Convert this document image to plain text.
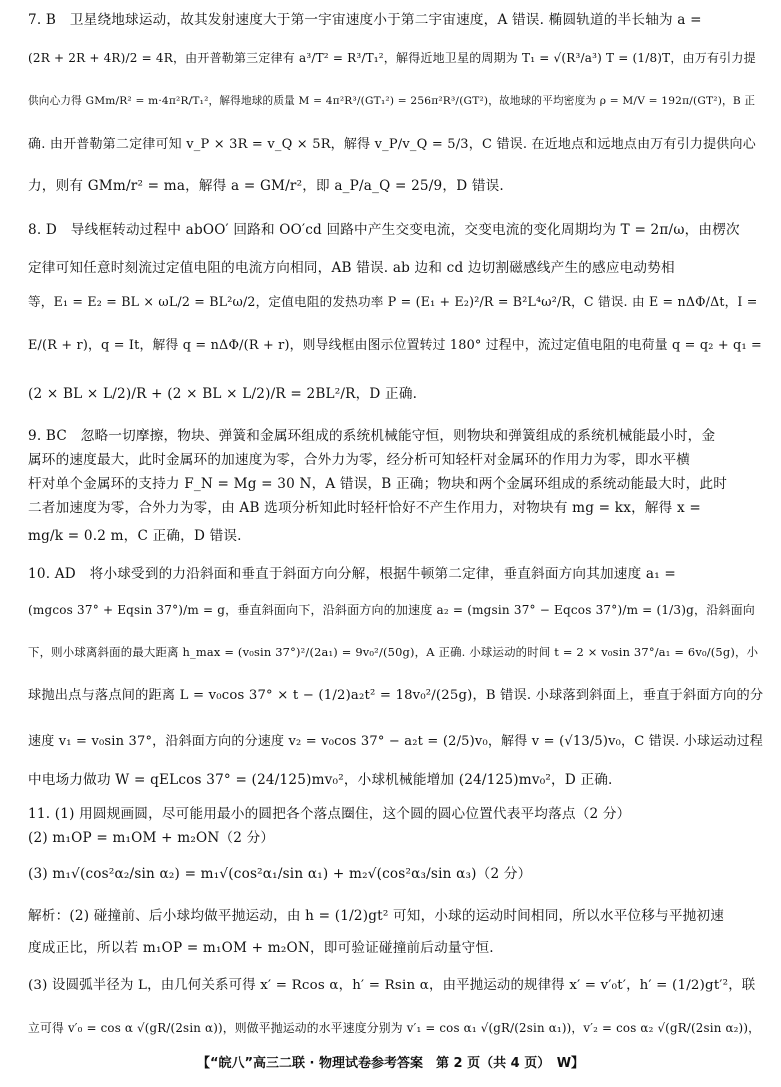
7. B　卫星绕地球运动，故其发射速度大于第一宇宙速度小于第二宇宙速度，A 错误. 椭圆轨道的半长轴为 a =
(2R + 2R + 4R)/2 = 4R，由开普勒第三定律有 a³/T² = R³/T₁²，解得近地卫星的周期为 T₁ = √(R³/a³) T = (1/8)T，由万有引力提
供向心力得 GMm/R² = m·4π²R/T₁²，解得地球的质量 M = 4π²R³/(GT₁²) = 256π²R³/(GT²)，故地球的平均密度为 ρ = M/V = 192π/(GT²)，B 正
确. 由开普勒第二定律可知 v_P × 3R = v_Q × 5R，解得 v_P/v_Q = 5/3，C 错误. 在近地点和远地点由万有引力提供向心
力，则有 GMm/r² = ma，解得 a = GM/r²，即 a_P/a_Q = 25/9，D 错误.
8. D　导线框转动过程中 abOO′ 回路和 OO′cd 回路中产生交变电流，交变电流的变化周期均为 T = 2π/ω，由楞次
定律可知任意时刻流过定值电阻的电流方向相同，AB 错误. ab 边和 cd 边切割磁感线产生的感应电动势相
等，E₁ = E₂ = BL × ωL/2 = BL²ω/2，定值电阻的发热功率 P = (E₁ + E₂)²/R = B²L⁴ω²/R，C 错误. 由 E = nΔΦ/Δt，I =
E/(R + r)，q = It，解得 q = nΔΦ/(R + r)，则导线框由图示位置转过 180° 过程中，流过定值电阻的电荷量 q = q₂ + q₁ =
(2 × BL × L/2)/R + (2 × BL × L/2)/R = 2BL²/R，D 正确.
9. BC　忽略一切摩擦，物块、弹簧和金属环组成的系统机械能守恒，则物块和弹簧组成的系统机械能最小时，金
属环的速度最大，此时金属环的加速度为零，合外力为零，经分析可知轻杆对金属环的作用力为零，即水平横
杆对单个金属环的支持力 F_N = Mg = 30 N，A 错误，B 正确；物块和两个金属环组成的系统动能最大时，此时
二者加速度为零，合外力为零，由 AB 选项分析知此时轻杆恰好不产生作用力，对物块有 mg = kx，解得 x =
mg/k = 0.2 m，C 正确，D 错误.
10. AD　将小球受到的力沿斜面和垂直于斜面方向分解，根据牛顿第二定律，垂直斜面方向其加速度 a₁ =
(mgcos 37° + Eqsin 37°)/m = g，垂直斜面向下，沿斜面方向的加速度 a₂ = (mgsin 37° − Eqcos 37°)/m = (1/3)g，沿斜面向
下，则小球离斜面的最大距离 h_max = (v₀sin 37°)²/(2a₁) = 9v₀²/(50g)，A 正确. 小球运动的时间 t = 2 × v₀sin 37°/a₁ = 6v₀/(5g)，小
球抛出点与落点间的距离 L = v₀cos 37° × t − (1/2)a₂t² = 18v₀²/(25g)，B 错误. 小球落到斜面上，垂直于斜面方向的分
速度 v₁ = v₀sin 37°，沿斜面方向的分速度 v₂ = v₀cos 37° − a₂t = (2/5)v₀，解得 v = (√13/5)v₀，C 错误. 小球运动过程
中电场力做功 W = qELcos 37° = (24/125)mv₀²，小球机械能增加 (24/125)mv₀²，D 正确.
11. (1) 用圆规画圆，尽可能用最小的圆把各个落点圈住，这个圆的圆心位置代表平均落点（2 分）
(2) m₁OP = m₁OM + m₂ON（2 分）
(3) m₁√(cos²α₂/sin α₂) = m₁√(cos²α₁/sin α₁) + m₂√(cos²α₃/sin α₃)（2 分）
解析：(2) 碰撞前、后小球均做平抛运动，由 h = (1/2)gt² 可知，小球的运动时间相同，所以水平位移与平抛初速
度成正比，所以若 m₁OP = m₁OM + m₂ON，即可验证碰撞前后动量守恒.
(3) 设圆弧半径为 L，由几何关系可得 x′ = Rcos α，h′ = Rsin α，由平抛运动的规律得 x′ = v′₀t′，h′ = (1/2)gt′²，联
立可得 v′₀ = cos α √(gR/(2sin α))，则做平抛运动的水平速度分别为 v′₁ = cos α₁ √(gR/(2sin α₁))，v′₂ = cos α₂ √(gR/(2sin α₂))，
【“皖八”高三二联 · 物理试卷参考答案　第 2 页（共 4 页）　W】
